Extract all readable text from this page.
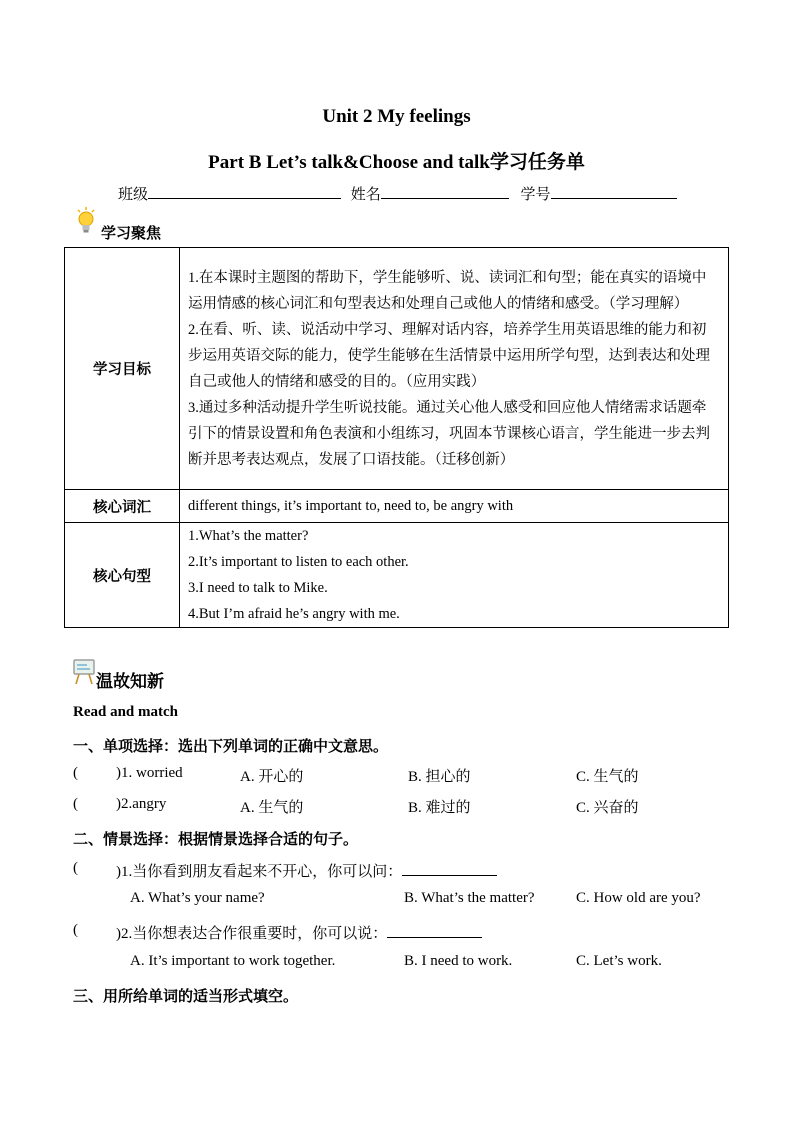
Unit 2 My feelings
Part B Let’s talk&Choose and talk学习任务单
班级	姓名	学号
学习聚焦
学习目标	1.在本课时主题图的帮助下，学生能够听、说、读词汇和句型；能在真实的语境中运用情感的核心词汇和句型表达和处理自己或他人的情绪和感受。（学习理解）
2.在看、听、读、说活动中学习、理解对话内容，培养学生用英语思维的能力和初步运用英语交际的能力，使学生能够在生活情景中运用所学句型，达到表达和处理自己或他人的情绪和感受的目的。（应用实践）
3.通过多种活动提升学生听说技能。通过关心他人感受和回应他人情绪需求话题牵引下的情景设置和角色表演和小组练习，巩固本节课核心语言，学生能进一步去判断并思考表达观点，发展了口语技能。（迁移创新）

核心词汇	different things, it’s important to, need to, be angry with
核心句型	1.What’s the matter?
2.It’s important to listen to each other.
3.I need to talk to Mike.
4.But I’m afraid he’s angry with me.
温故知新
Read and match
一、单项选择：选出下列单词的正确中文意思。
(	)1. worried	A. 开心的	B. 担心的	C. 生气的
(	)2.angry	A. 生气的	B. 难过的	C. 兴奋的
二、情景选择：根据情景选择合适的句子。
(	)1.当你看到朋友看起来不开心，你可以问：
A. What’s your name?	B. What’s the matter?	C. How old are you?
(	)2.当你想表达合作很重要时，你可以说：
A. It’s important to work together.	B. I need to work.	C. Let’s work.
三、用所给单词的适当形式填空。
